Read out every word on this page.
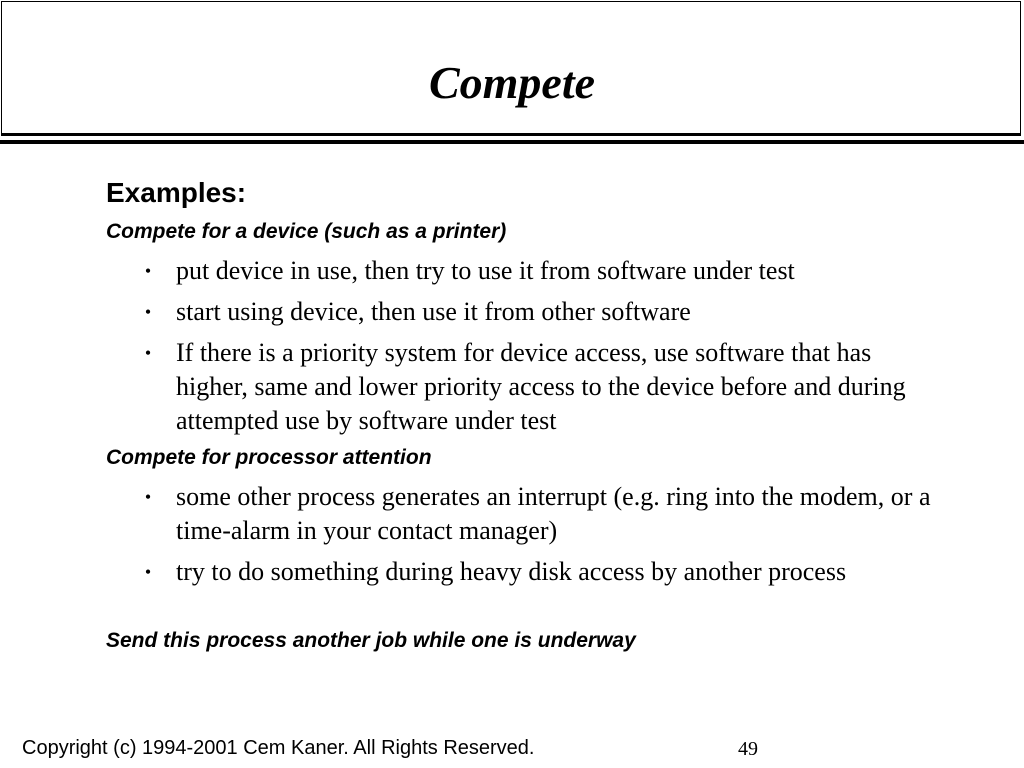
Compete
Examples:
Compete for a device (such as a printer)
• put device in use, then try to use it from software under test
• start using device, then use it from other software
• If there is a priority system for device access, use software that has higher, same and lower priority access to the device before and during attempted use by software under test
Compete for processor attention
• some other process generates an interrupt (e.g. ring into the modem, or a time-alarm in your contact manager)
• try to do something during heavy disk access by another process
Send this process another job while one is underway
Copyright (c) 1994-2001 Cem Kaner. All Rights Reserved.	49
